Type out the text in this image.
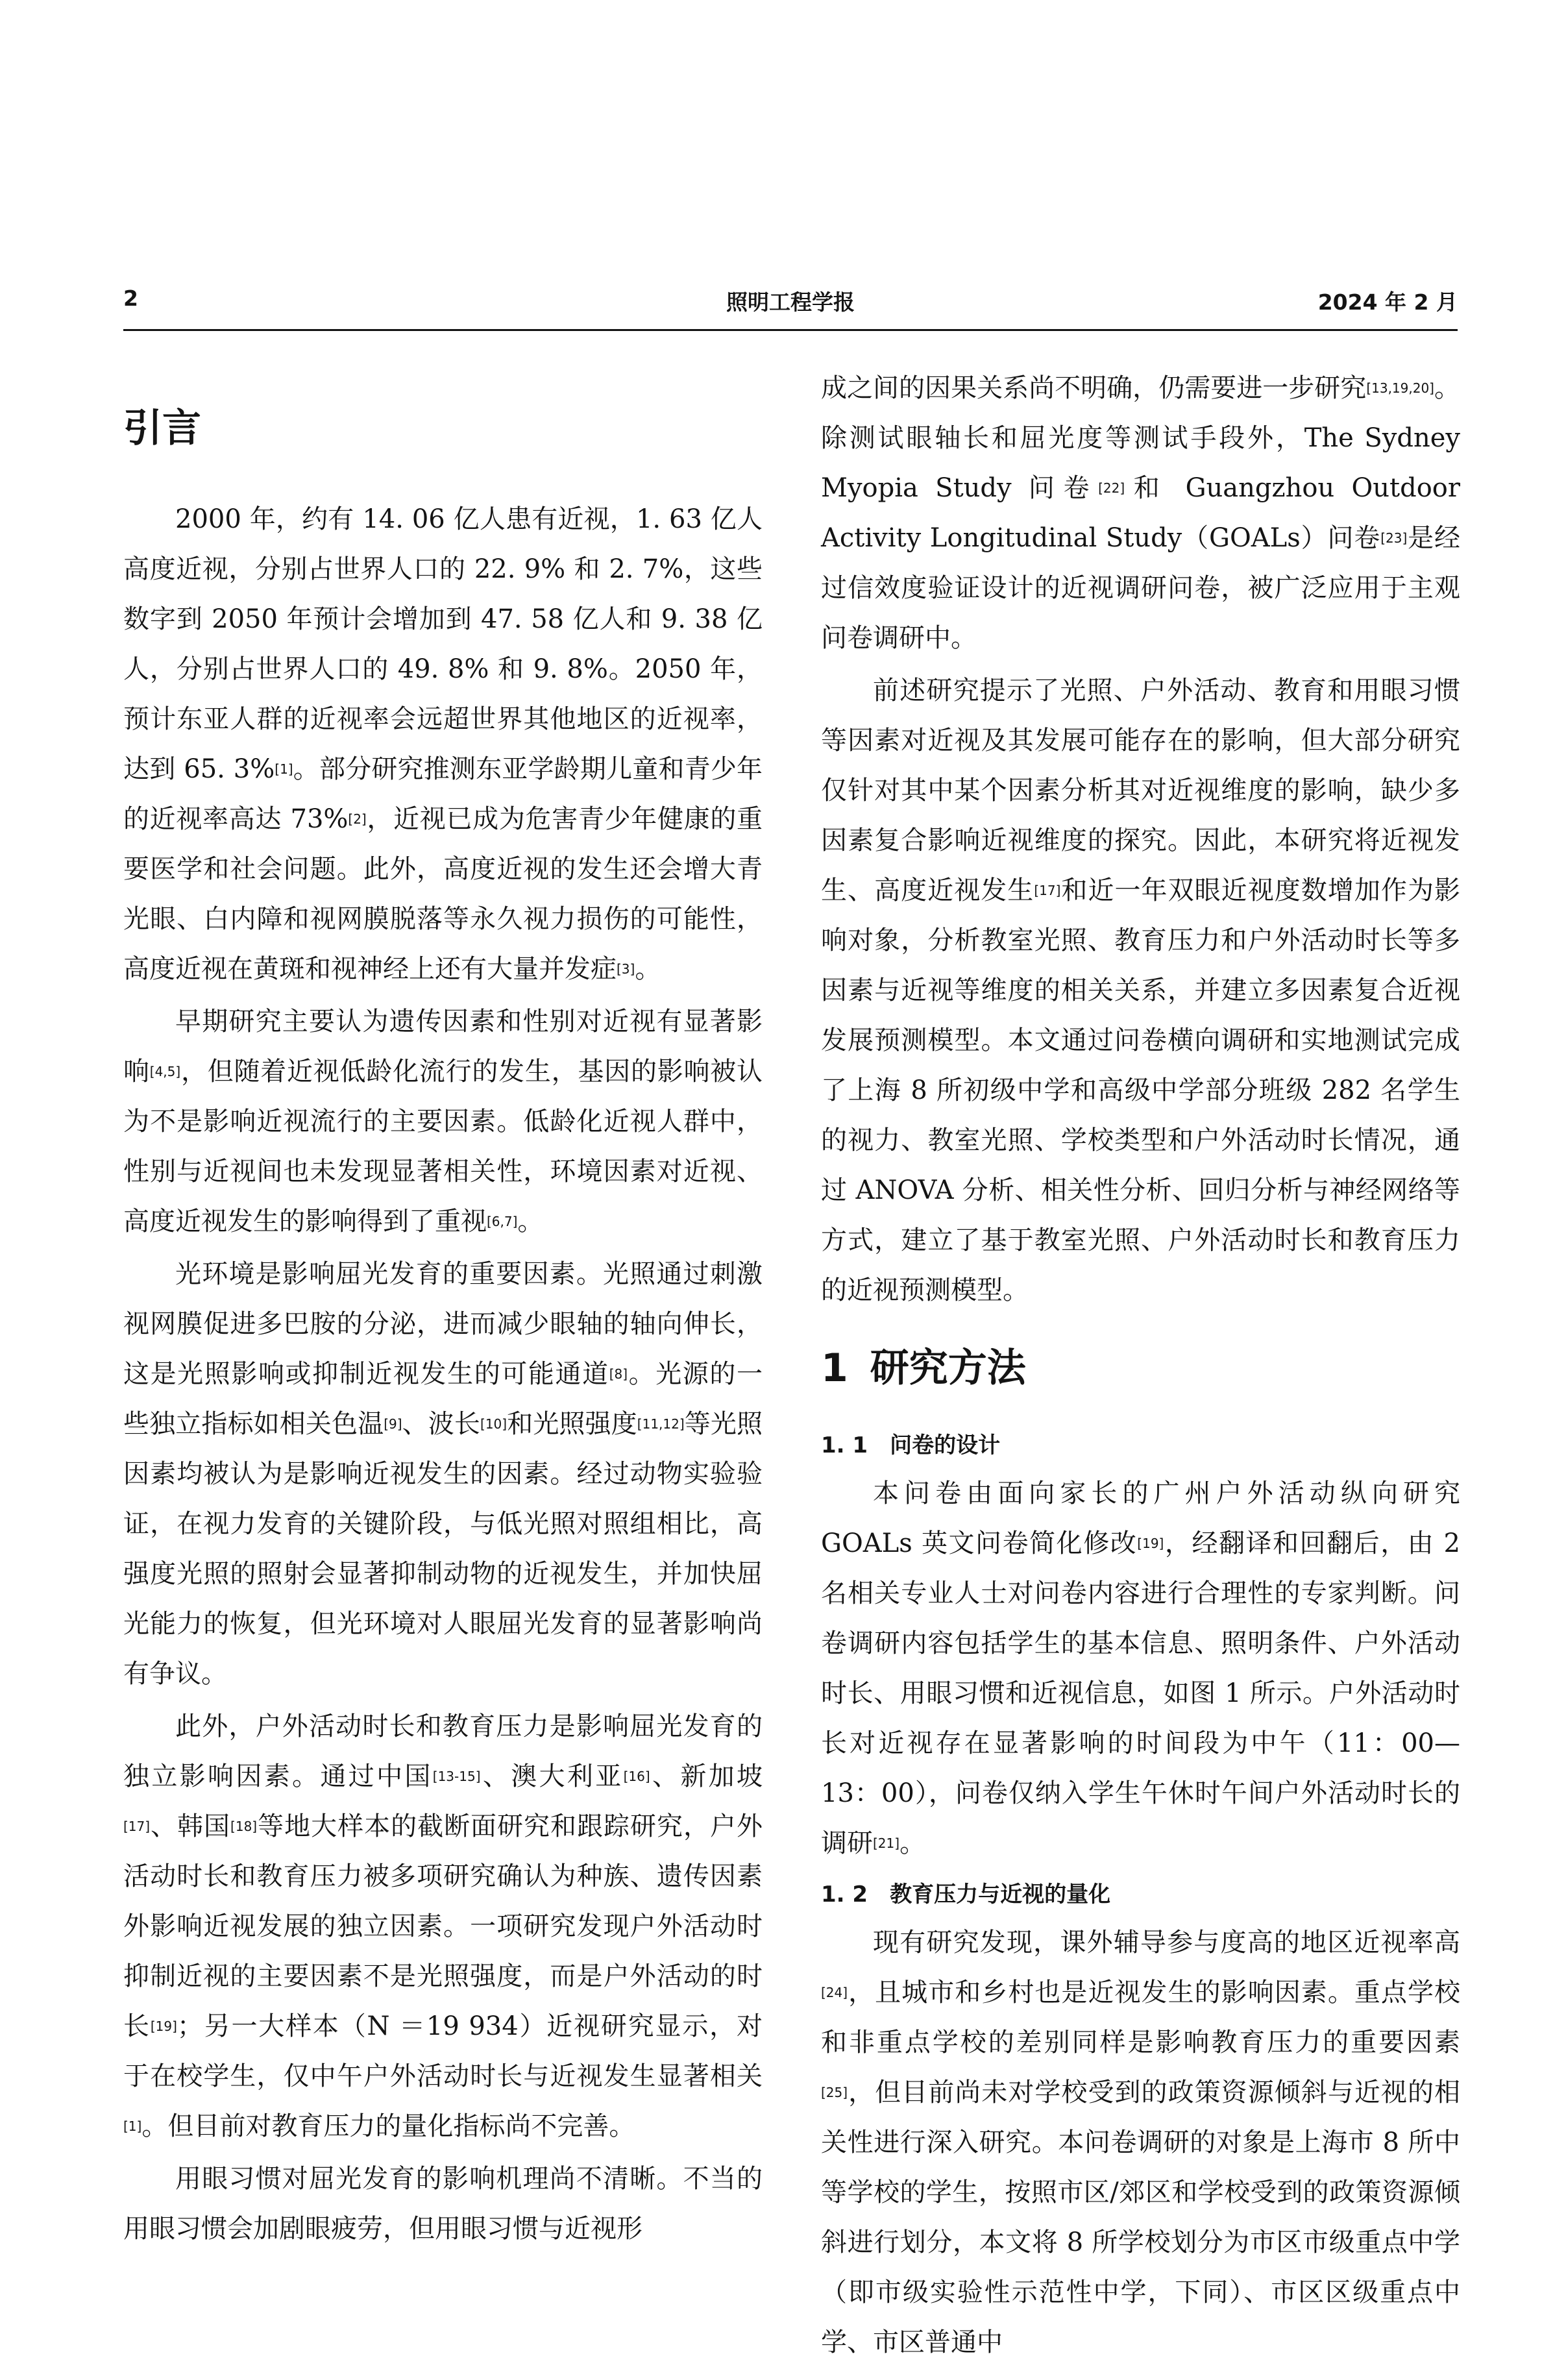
2	照明工程学报	2024 年 2 月
引言

2000 年，约有 14. 06 亿人患有近视，1. 63 亿人高度近视，分别占世界人口的 22. 9% 和 2. 7%，这些数字到 2050 年预计会增加到 47. 58 亿人和 9. 38 亿人，分别占世界人口的 49. 8% 和 9. 8%。2050 年，预计东亚人群的近视率会远超世界其他地区的近视率，达到 65. 3%[1]。部分研究推测东亚学龄期儿童和青少年的近视率高达 73%[2]，近视已成为危害青少年健康的重要医学和社会问题。此外，高度近视的发生还会增大青光眼、白内障和视网膜脱落等永久视力损伤的可能性，高度近视在黄斑和视神经上还有大量并发症[3]。

早期研究主要认为遗传因素和性别对近视有显著影响[4,5]，但随着近视低龄化流行的发生，基因的影响被认为不是影响近视流行的主要因素。低龄化近视人群中，性别与近视间也未发现显著相关性，环境因素对近视、高度近视发生的影响得到了重视[6,7]。

光环境是影响屈光发育的重要因素。光照通过刺激视网膜促进多巴胺的分泌，进而减少眼轴的轴向伸长，这是光照影响或抑制近视发生的可能通道[8]。光源的一些独立指标如相关色温[9]、波长[10]和光照强度[11,12]等光照因素均被认为是影响近视发生的因素。经过动物实验验证，在视力发育的关键阶段，与低光照对照组相比，高强度光照的照射会显著抑制动物的近视发生，并加快屈光能力的恢复，但光环境对人眼屈光发育的显著影响尚有争议。

此外，户外活动时长和教育压力是影响屈光发育的独立影响因素。通过中国[13-15]、澳大利亚[16]、新加坡[17]、韩国[18]等地大样本的截断面研究和跟踪研究，户外活动时长和教育压力被多项研究确认为种族、遗传因素外影响近视发展的独立因素。一项研究发现户外活动时抑制近视的主要因素不是光照强度，而是户外活动的时长[19]；另一大样本（N ＝19 934）近视研究显示，对于在校学生，仅中午户外活动时长与近视发生显著相关[1]。但目前对教育压力的量化指标尚不完善。

用眼习惯对屈光发育的影响机理尚不清晰。不当的用眼习惯会加剧眼疲劳，但用眼习惯与近视形

成之间的因果关系尚不明确，仍需要进一步研究[13,19,20]。除测试眼轴长和屈光度等测试手段外，The Sydney Myopia Study 问卷[22]和 Guangzhou Outdoor Activity Longitudinal Study（GOALs）问卷[23]是经过信效度验证设计的近视调研问卷，被广泛应用于主观问卷调研中。

前述研究提示了光照、户外活动、教育和用眼习惯等因素对近视及其发展可能存在的影响，但大部分研究仅针对其中某个因素分析其对近视维度的影响，缺少多因素复合影响近视维度的探究。因此，本研究将近视发生、高度近视发生[17]和近一年双眼近视度数增加作为影响对象，分析教室光照、教育压力和户外活动时长等多因素与近视等维度的相关关系，并建立多因素复合近视发展预测模型。本文通过问卷横向调研和实地测试完成了上海 8 所初级中学和高级中学部分班级 282 名学生的视力、教室光照、学校类型和户外活动时长情况，通过 ANOVA 分析、相关性分析、回归分析与神经网络等方式，建立了基于教室光照、户外活动时长和教育压力的近视预测模型。

1 研究方法
1. 1 问卷的设计

本问卷由面向家长的广州户外活动纵向研究 GOALs 英文问卷简化修改[19]，经翻译和回翻后，由 2 名相关专业人士对问卷内容进行合理性的专家判断。问卷调研内容包括学生的基本信息、照明条件、户外活动时长、用眼习惯和近视信息，如图 1 所示。户外活动时长对近视存在显著影响的时间段为中午（11：00—13：00），问卷仅纳入学生午休时午间户外活动时长的调研[21]。

1. 2 教育压力与近视的量化

现有研究发现，课外辅导参与度高的地区近视率高[24]，且城市和乡村也是近视发生的影响因素。重点学校和非重点学校的差别同样是影响教育压力的重要因素[25]，但目前尚未对学校受到的政策资源倾斜与近视的相关性进行深入研究。本问卷调研的对象是上海市 8 所中等学校的学生，按照市区/郊区和学校受到的政策资源倾斜进行划分，本文将 8 所学校划分为市区市级重点中学（即市级实验性示范性中学，下同）、市区区级重点中学、市区普通中
